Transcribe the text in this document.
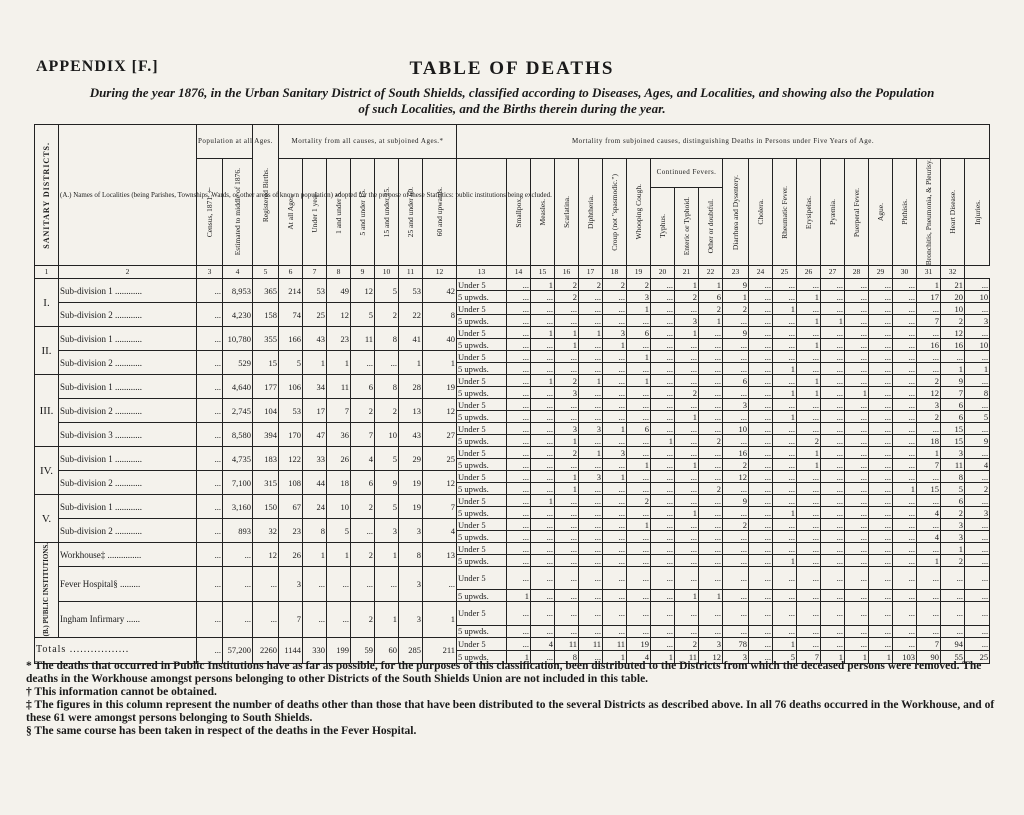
APPENDIX [F.]	TABLE OF DEATHS
During the year 1876, in the Urban Sanitary District of South Shields, classified according to Diseases, Ages, and Localities, and showing also the Population
of such Localities, and the Births therein during the year.
SANITARY DISTRICTS.	(A.) Names of Localities (being Parishes, Townships, Wards, or other areas of known population) adopted for the purpose of these Statistics: public institutions being excluded.	Population at all Ages.		Registered Births.	Mortality from all causes, at subjoined Ages.*							Mortality from subjoined causes, distinguishing Deaths in Persons under Five Years of Age.																				

		Census, 1871.†	Estimated to middle of 1876.		At all Ages.	Under 1 year.	1 and under 5.	5 and under 15.	15 and under 25.	25 and under 60.	60 and upwards.		Smallpox.	Measles.	Scarlatina.	Diphtheria.	Croup (not "spasmodic.")	Whooping Cough.	Continued Fevers.			Diarrhœa and Dysentery.	Cholera.	Rheumatic Fever.	Erysipelas.	Pyæmia.	Puerperal Fever.	Ague.	Phthisis.	Bronchitis, Pneumonia, & Pleurisy.	Heart Disease.	Injuries.

																			Typhus.	Enteric or Typhoid.	Other or doubtful.											

1	2	3	4	5	6	7	8	9	10	11	12	13	14	15	16	17	18	19	20	21	22	23	24	25	26	27	28	29	30	31	32	

I.	Sub-division 1 ............	...	8,953	365	214	53	49	12	5	53	42	Under 5	...	1	2	2	2	2	...	1	1	9	...	...	...	...	...	...	...	1	21	...
												5 upwds.	...	...	2	...	...	3	...	2	6	1	...	...	1	...	...	...	...	17	20	10
	Sub-division 2 ............	...	4,230	158	74	25	12	5	2	22	8	Under 5	...	...	...	...	...	1	...	...	2	2	...	1	...	...	...	...	...	...	10	...
												5 upwds.	...	...	...	...	...	...	...	3	1	...	...	...	1	1	...	...	...	7	2	3

II.	Sub-division 1 ............	...	10,780	355	166	43	23	11	8	41	40	Under 5	...	1	1	1	3	6	...	1	...	9	...	...	...	...	...	...	...	...	12	...
												5 upwds.	...	...	1	...	1	...	...	...	...	...	...	...	1	...	...	...	...	16	16	10
	Sub-division 2 ............	...	529	15	5	1	1	...	...	1	1	Under 5	...	...	...	...	...	1	...	...	...	...	...	...	...	...	...	...	...	...	...	...
												5 upwds.	...	...	...	...	...	...	...	...	...	...	...	1	...	...	...	...	...	...	1	1

III.	Sub-division 1 ............	...	4,640	177	106	34	11	6	8	28	19	Under 5	...	1	2	1	...	1	...	...	...	6	...	...	1	...	...	...	...	2	9	...
												5 upwds.	...	...	3	...	...	...	...	2	...	...	...	1	1	...	1	...	...	12	7	8
	Sub-division 2 ............	...	2,745	104	53	17	7	2	2	13	12	Under 5	...	...	...	...	...	...	...	...	...	3	...	...	...	...	...	...	...	3	6	...
												5 upwds.	...	...	...	...	...	...	...	1	...	...	...	1	...	...	...	...	...	2	6	5
	Sub-division 3 ............	...	8,580	394	170	47	36	7	10	43	27	Under 5	...	...	3	3	1	6	...	...	...	10	...	...	...	...	...	...	...	...	15	...
												5 upwds.	...	...	1	...	...	...	1	...	2	...	...	...	2	...	...	...	...	18	15	9

IV.	Sub-division 1 ............	...	4,735	183	122	33	26	4	5	29	25	Under 5	...	...	2	1	3	...	...	...	...	16	...	...	1	...	...	...	...	1	3	...
												5 upwds.	...	...	...	...	...	1	...	1	...	2	...	...	1	...	...	...	...	7	11	4
	Sub-division 2 ............	...	7,100	315	108	44	18	6	9	19	12	Under 5	...	...	1	3	1	...	...	...	...	12	...	...	...	...	...	...	...	...	8	...
												5 upwds.	...	...	1	...	...	...	...	...	2	...	...	...	...	...	...	...	1	15	5	2

V.	Sub-division 1 ............	...	3,160	150	67	24	10	2	5	19	7	Under 5	...	1	...	...	...	2	...	...	...	9	...	...	...	...	...	...	...	...	6	...
												5 upwds.	...	...	...	...	...	...	...	1	...	...	...	1	...	...	...	...	...	4	2	3
	Sub-division 2 ............	...	893	32	23	8	5	...	3	3	4	Under 5	...	...	...	...	...	1	...	...	...	2	...	...	...	...	...	...	...	...	3	...
												5 upwds.	...	...	...	...	...	...	...	...	...	...	...	...	...	...	...	...	...	4	3	...

(B.) PUBLIC INSTITUTIONS.	Workhouse‡ ...............	...	...	12	26	1	1	2	1	8	13	Under 5	...	...	...	...	...	...	...	...	...	...	...	...	...	...	...	...	...	...	1	...
												5 upwds.	...	...	...	...	...	...	...	...	...	...	...	1	...	...	...	...	...	1	2	...
	Fever Hospital§ .........	...	...	...	3	...	...	...	...	3	...	Under 5	...	...	...	...	...	...	...	...	...	...	...	...	...	...	...	...	...	...	...	...
												5 upwds.	1	...	...	...	...	...	...	1	1	...	...	...	...	...	...	...	...	...	...	...
	Ingham Infirmary ......	...	...	...	7	...	...	2	1	3	1	Under 5	...	...	...	...	...	...	...	...	...	...	...	...	...	...	...	...	...	...	...	...
												5 upwds.	...	...	...	...	...	...	...	...	...	...	...	...	...	...	...	...	...	...	...	...
Totals .................		...	57,200	2260	1144	330	199	59	60	285	211	Under 5	...	4	11	11	11	19	...	2	3	78	...	1	...	...	...	...	...	7	94	...
												5 upwds.	1	...	8	...	1	4	1	11	12	3	...	5	7	1	1	1	103	90	55	25

* The deaths that occurred in Public Institutions have as far as possible, for the purposes of this classification, been distributed to the Districts from which the deceased persons were removed. The deaths in the Workhouse amongst persons belonging to other Districts of the South Shields Union are not included in this table.

† This information cannot be obtained.

‡ The figures in this column represent the number of deaths other than those that have been distributed to the several Districts as described above. In all 76 deaths occurred in the Workhouse, and of these 61 were amongst persons belonging to South Shields.

§ The same course has been taken in respect of the deaths in the Fever Hospital.
